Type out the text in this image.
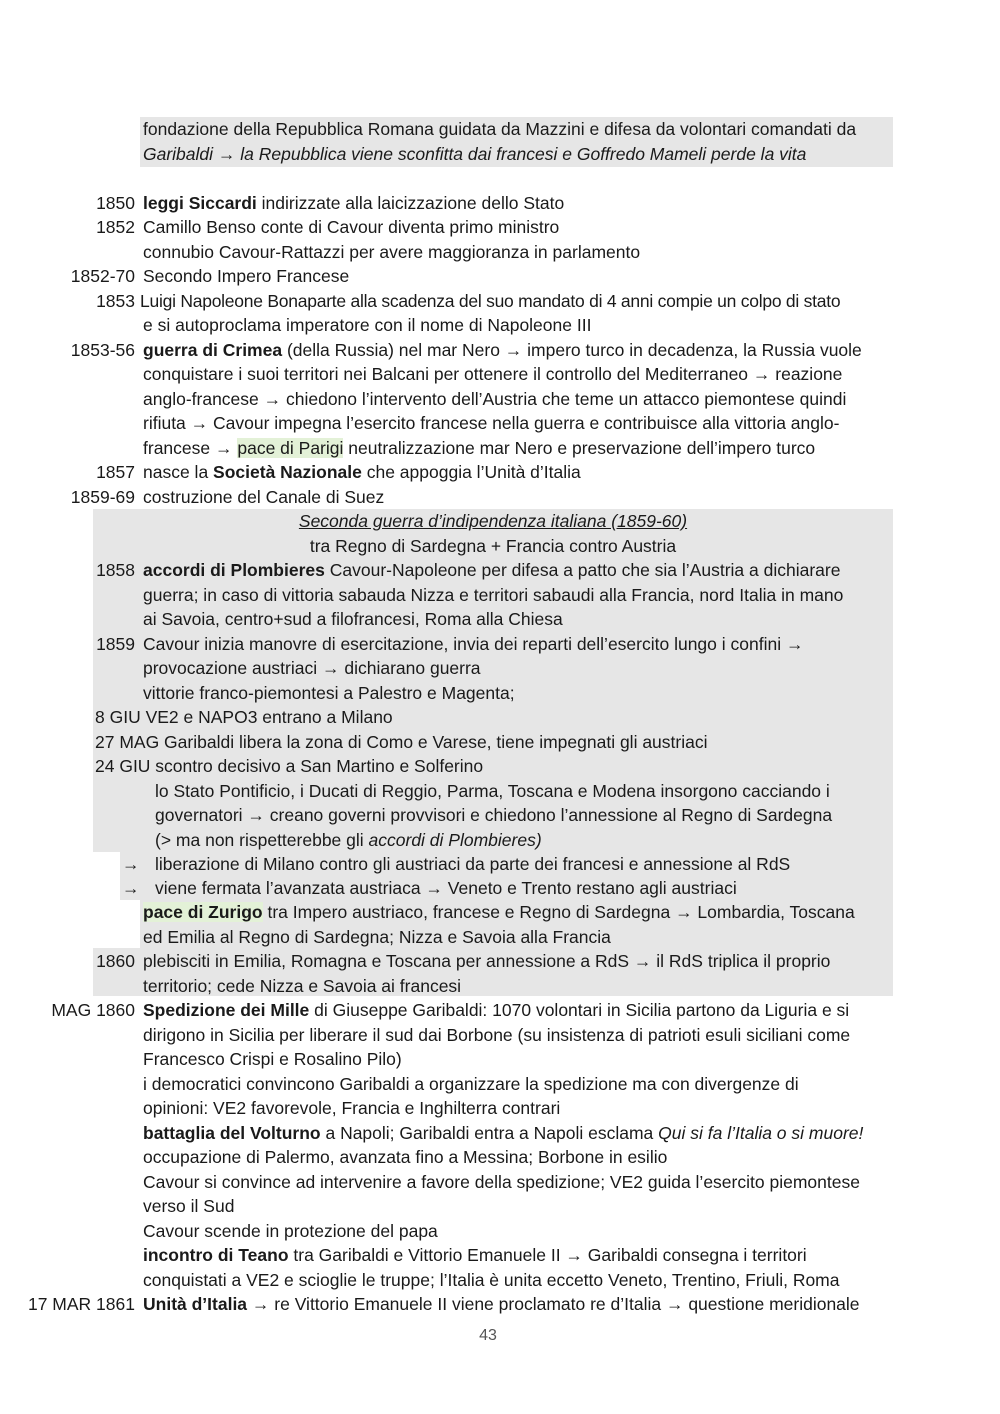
fondazione della Repubblica Romana guidata da Mazzini e difesa da volontari comandati da
Garibaldi → la Repubblica viene sconfitta dai francesi e Goffredo Mameli perde la vita
1850 leggi Siccardi indirizzate alla laicizzazione dello Stato
1852 Camillo Benso conte di Cavour diventa primo ministro
connubio Cavour-Rattazzi per avere maggioranza in parlamento
1852-70 Secondo Impero Francese
1853 Luigi Napoleone Bonaparte alla scadenza del suo mandato di 4 anni compie un colpo di stato
e si autoproclama imperatore con il nome di Napoleone III
1853-56 guerra di Crimea (della Russia) nel mar Nero → impero turco in decadenza, la Russia vuole
conquistare i suoi territori nei Balcani per ottenere il controllo del Mediterraneo → reazione
anglo-francese → chiedono l’intervento dell’Austria che teme un attacco piemontese quindi
rifiuta → Cavour impegna l’esercito francese nella guerra e contribuisce alla vittoria anglo-
francese → pace di Parigi neutralizzazione mar Nero e preservazione dell’impero turco
1857 nasce la Società Nazionale che appoggia l’Unità d’Italia
1859-69 costruzione del Canale di Suez
Seconda guerra d’indipendenza italiana (1859-60)
tra Regno di Sardegna + Francia contro Austria
1858 accordi di Plombieres Cavour-Napoleone per difesa a patto che sia l’Austria a dichiarare
guerra; in caso di vittoria sabauda Nizza e territori sabaudi alla Francia, nord Italia in mano
ai Savoia, centro+sud a filofrancesi, Roma alla Chiesa
1859 Cavour inizia manovre di esercitazione, invia dei reparti dell’esercito lungo i confini →
provocazione austriaci → dichiarano guerra
vittorie franco-piemontesi a Palestro e Magenta;
8 GIU VE2 e NAPO3 entrano a Milano
27 MAG Garibaldi libera la zona di Como e Varese, tiene impegnati gli austriaci
24 GIU scontro decisivo a San Martino e Solferino
lo Stato Pontificio, i Ducati di Reggio, Parma, Toscana e Modena insorgono cacciando i
governatori → creano governi provvisori e chiedono l’annessione al Regno di Sardegna
(> ma non rispetterebbe gli accordi di Plombieres)
→ liberazione di Milano contro gli austriaci da parte dei francesi e annessione al RdS
→ viene fermata l’avanzata austriaca → Veneto e Trento restano agli austriaci
pace di Zurigo tra Impero austriaco, francese e Regno di Sardegna → Lombardia, Toscana
ed Emilia al Regno di Sardegna; Nizza e Savoia alla Francia
1860 plebisciti in Emilia, Romagna e Toscana per annessione a RdS → il RdS triplica il proprio
territorio; cede Nizza e Savoia ai francesi
MAG 1860 Spedizione dei Mille di Giuseppe Garibaldi: 1070 volontari in Sicilia partono da Liguria e si
dirigono in Sicilia per liberare il sud dai Borbone (su insistenza di patrioti esuli siciliani come
Francesco Crispi e Rosalino Pilo)
i democratici convincono Garibaldi a organizzare la spedizione ma con divergenze di
opinioni: VE2 favorevole, Francia e Inghilterra contrari
battaglia del Volturno a Napoli; Garibaldi entra a Napoli esclama Qui si fa l’Italia o si muore!
occupazione di Palermo, avanzata fino a Messina; Borbone in esilio
Cavour si convince ad intervenire a favore della spedizione; VE2 guida l’esercito piemontese
verso il Sud
Cavour scende in protezione del papa
incontro di Teano tra Garibaldi e Vittorio Emanuele II → Garibaldi consegna i territori
conquistati a VE2 e scioglie le truppe; l’Italia è unita eccetto Veneto, Trentino, Friuli, Roma
17 MAR 1861 Unità d’Italia → re Vittorio Emanuele II viene proclamato re d’Italia → questione meridionale
43
